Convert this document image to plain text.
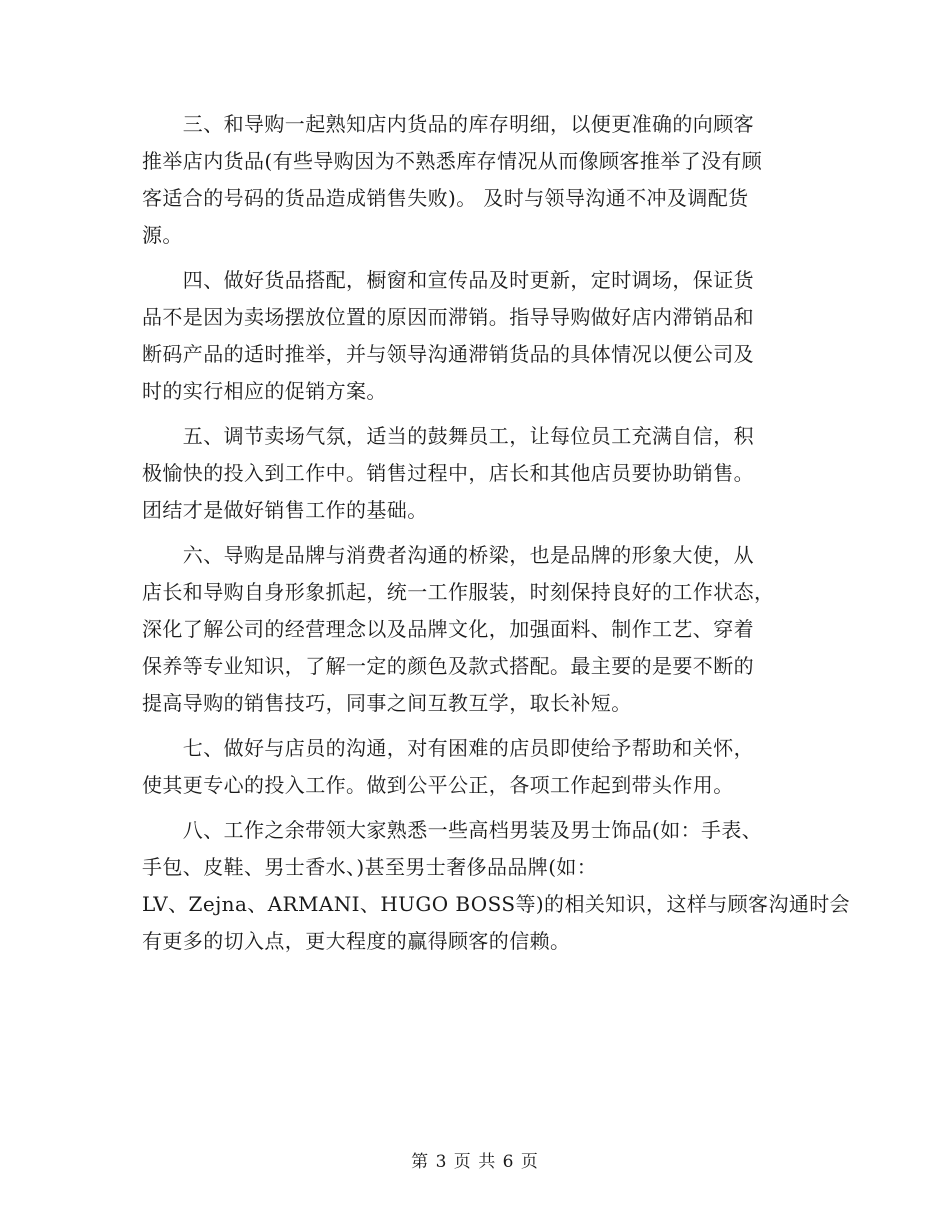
　　三、和导购一起熟知店内货品的库存明细，以便更准确的向顾客
推举店内货品(有些导购因为不熟悉库存情况从而像顾客推举了没有顾
客适合的号码的货品造成销售失败)。 及时与领导沟通不冲及调配货
源。
　　四、做好货品搭配，橱窗和宣传品及时更新，定时调场，保证货
品不是因为卖场摆放位置的原因而滞销。指导导购做好店内滞销品和
断码产品的适时推举，并与领导沟通滞销货品的具体情况以便公司及
时的实行相应的促销方案。
　　五、调节卖场气氛，适当的鼓舞员工，让每位员工充满自信，积
极愉快的投入到工作中。销售过程中，店长和其他店员要协助销售。
团结才是做好销售工作的基础。
　　六、导购是品牌与消费者沟通的桥梁，也是品牌的形象大使，从
店长和导购自身形象抓起，统一工作服装，时刻保持良好的工作状态，
深化了解公司的经营理念以及品牌文化，加强面料、制作工艺、穿着
保养等专业知识，了解一定的颜色及款式搭配。最主要的是要不断的
提高导购的销售技巧，同事之间互教互学，取长补短。
　　七、做好与店员的沟通，对有困难的店员即使给予帮助和关怀，
使其更专心的投入工作。做到公平公正，各项工作起到带头作用。
　　八、工作之余带领大家熟悉一些高档男装及男士饰品(如：手表、
手包、皮鞋、男士香水、)甚至男士奢侈品品牌(如：
LV、Zejna、ARMANI、HUGO BOSS等)的相关知识，这样与顾客沟通时会
有更多的切入点，更大程度的赢得顾客的信赖。
第 3 页 共 6 页
